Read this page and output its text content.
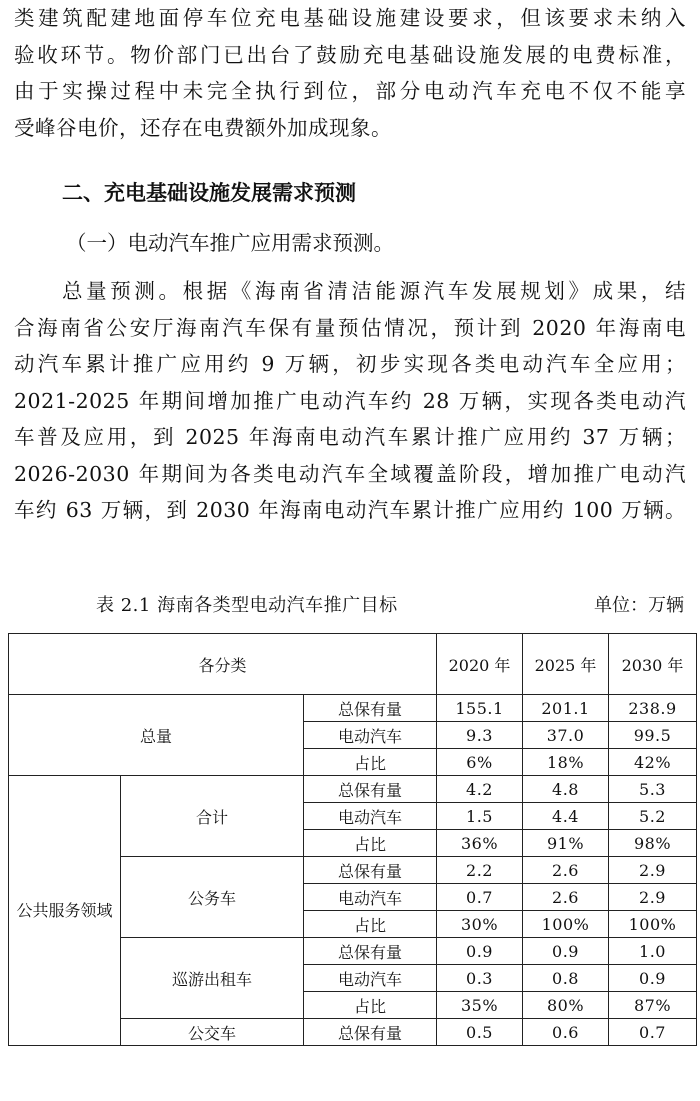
类建筑配建地面停车位充电基础设施建设要求，但该要求未纳入
验收环节。物价部门已出台了鼓励充电基础设施发展的电费标准，
由于实操过程中未完全执行到位，部分电动汽车充电不仅不能享
受峰谷电价，还存在电费额外加成现象。
二、充电基础设施发展需求预测
（一）电动汽车推广应用需求预测。
总量预测。根据《海南省清洁能源汽车发展规划》成果，结
合海南省公安厅海南汽车保有量预估情况，预计到 2020 年海南电
动汽车累计推广应用约 9 万辆，初步实现各类电动汽车全应用；
2021-2025 年期间增加推广电动汽车约 28 万辆，实现各类电动汽
车普及应用，到 2025 年海南电动汽车累计推广应用约 37 万辆；
2026-2030 年期间为各类电动汽车全域覆盖阶段，增加推广电动汽
车约 63 万辆，到 2030 年海南电动汽车累计推广应用约 100 万辆。
表 2.1 海南各类型电动汽车推广目标	单位：万辆
各分类			2020 年	2025 年	2030 年
总量		总保有量	155.1	201.1	238.9
		电动汽车	9.3	37.0	99.5
		占比	6%	18%	42%
公共服务领域	合计	总保有量	4.2	4.8	5.3
		电动汽车	1.5	4.4	5.2
		占比	36%	91%	98%
	公务车	总保有量	2.2	2.6	2.9
		电动汽车	0.7	2.6	2.9
		占比	30%	100%	100%
	巡游出租车	总保有量	0.9	0.9	1.0
		电动汽车	0.3	0.8	0.9
		占比	35%	80%	87%
	公交车	总保有量	0.5	0.6	0.7
